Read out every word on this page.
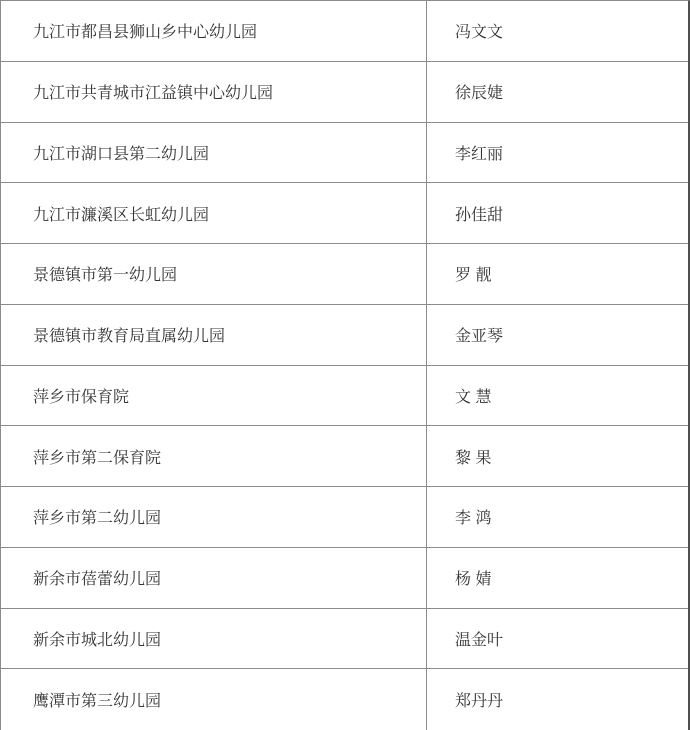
九江市都昌县狮山乡中心幼儿园	冯文文
九江市共青城市江益镇中心幼儿园	徐辰婕
九江市湖口县第二幼儿园	李红丽
九江市濂溪区长虹幼儿园	孙佳甜
景德镇市第一幼儿园	罗 靓
景德镇市教育局直属幼儿园	金亚琴
萍乡市保育院	文 慧
萍乡市第二保育院	黎 果
萍乡市第二幼儿园	李 鸿
新余市蓓蕾幼儿园	杨 婧
新余市城北幼儿园	温金叶
鹰潭市第三幼儿园	郑丹丹
